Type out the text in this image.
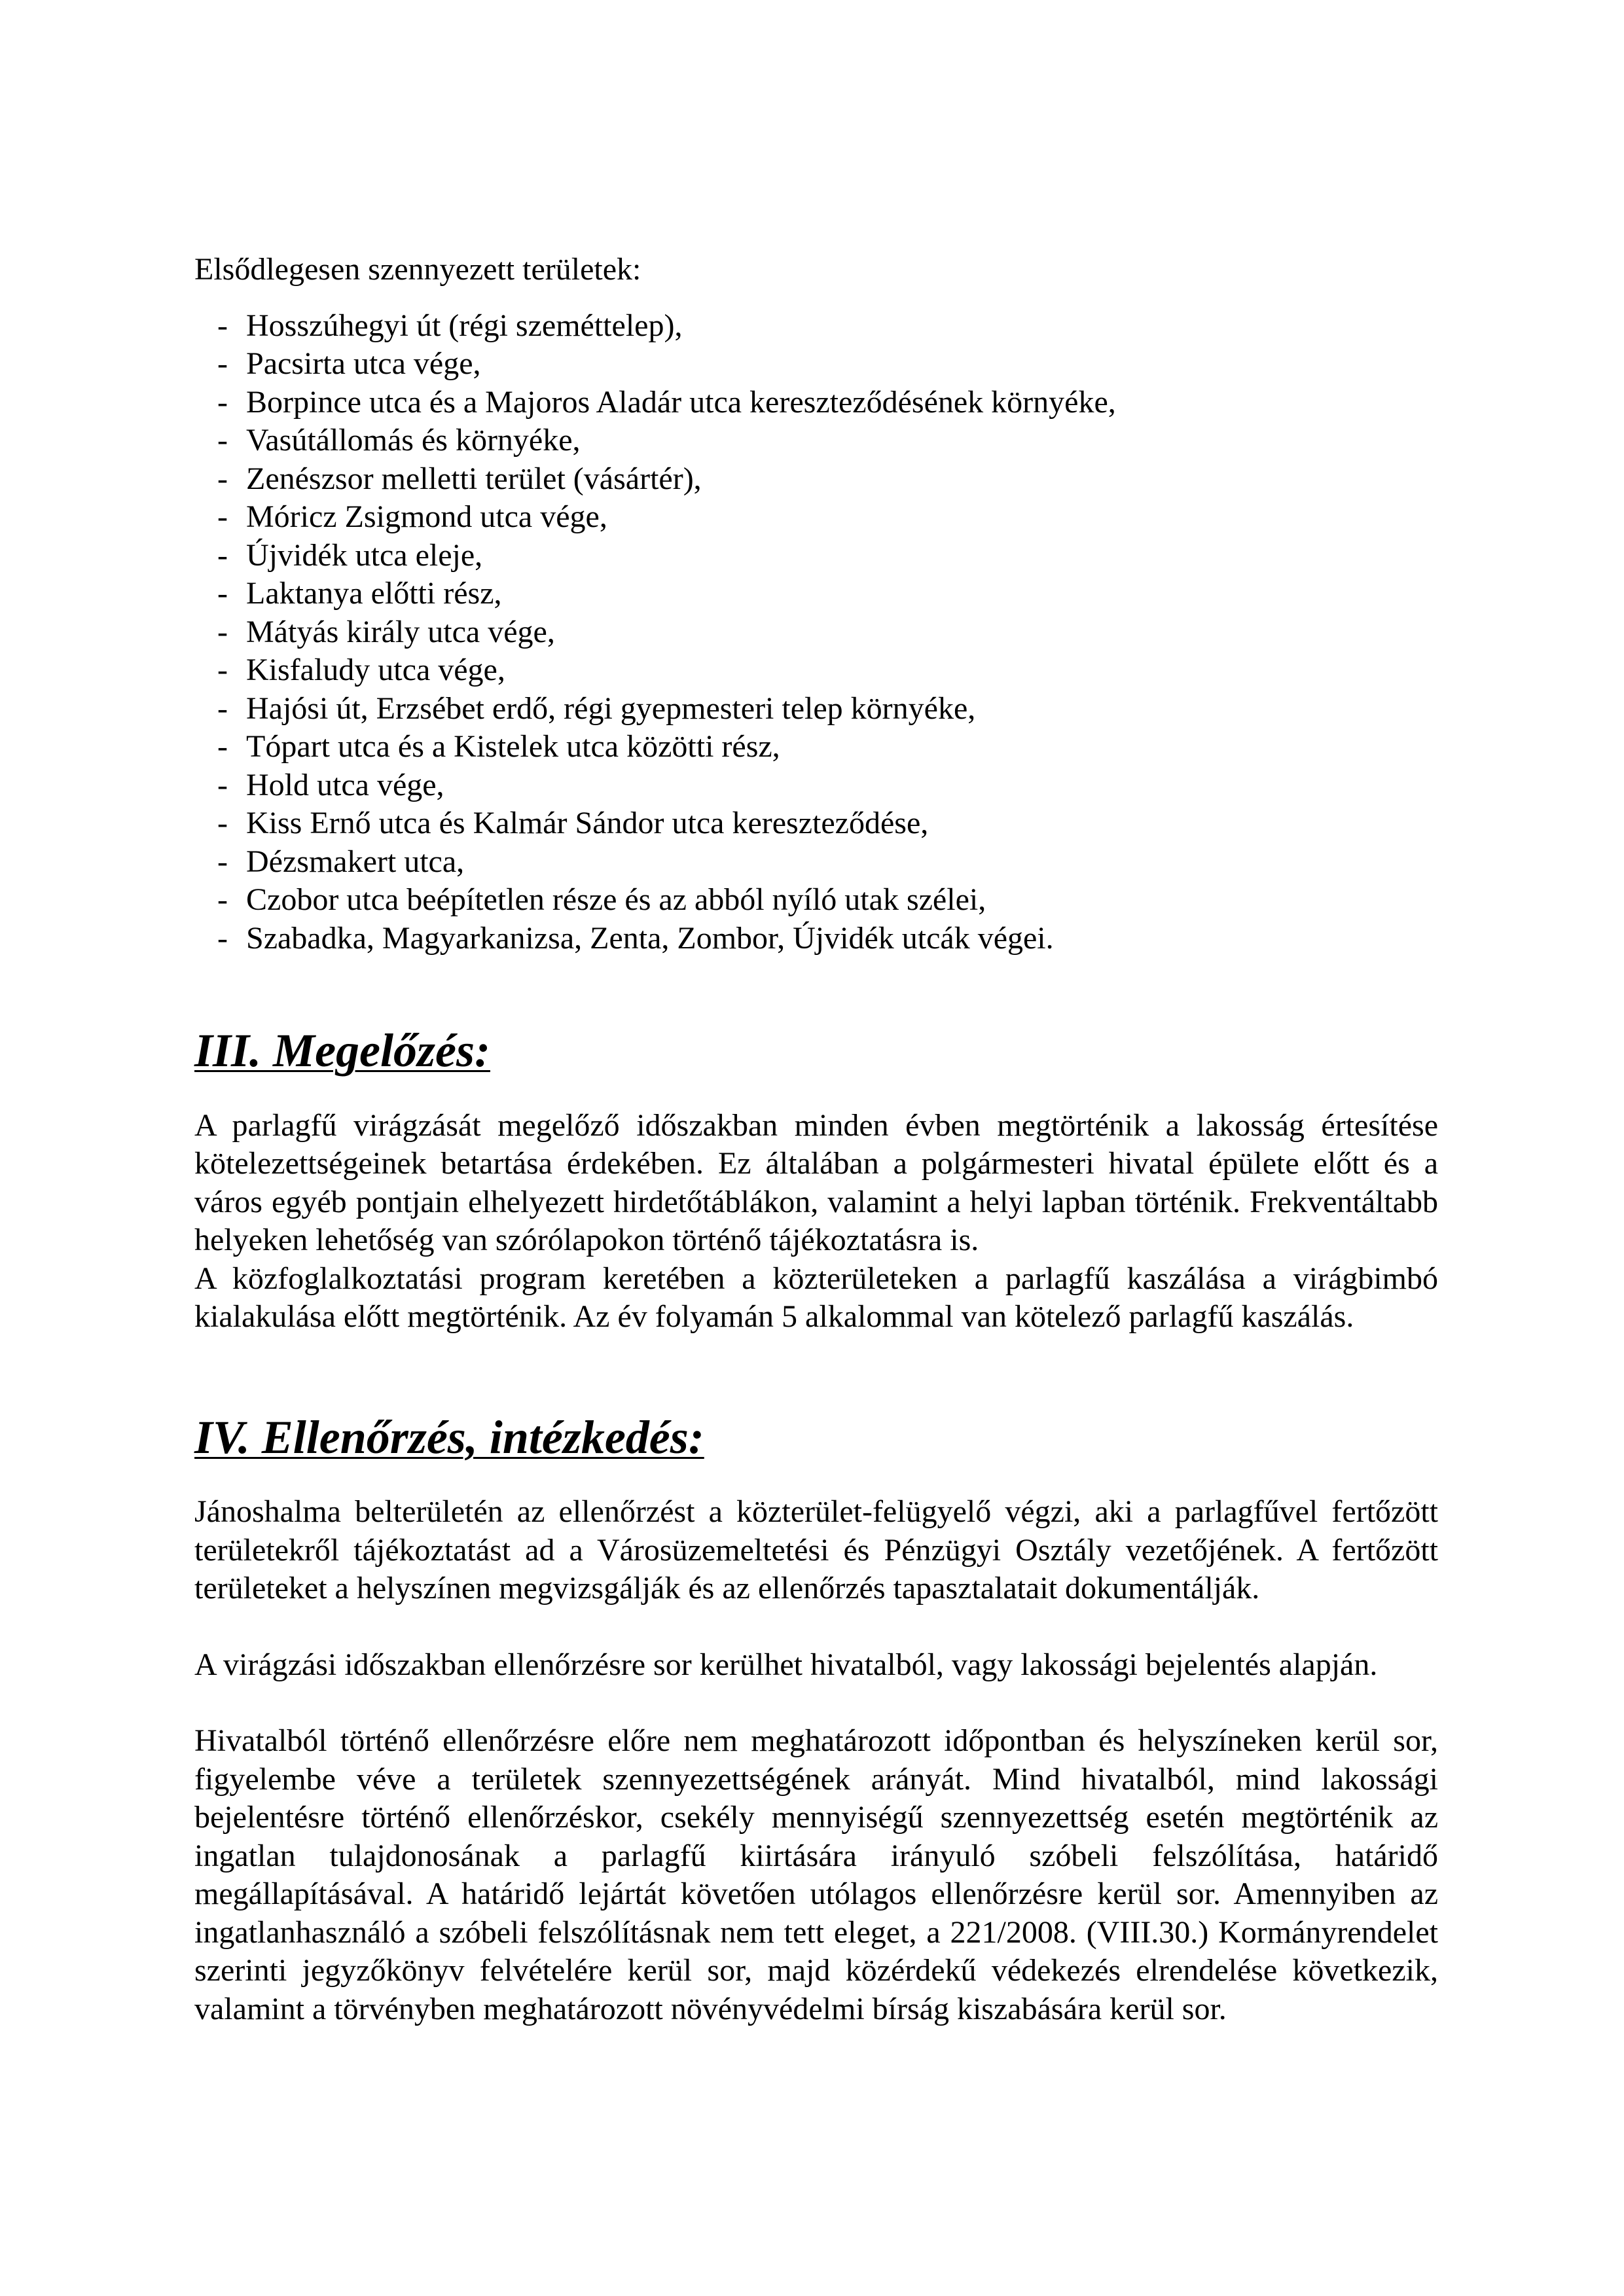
Elsődlegesen szennyezett területek:

- Hosszúhegyi út (régi szeméttelep),
- Pacsirta utca vége,
- Borpince utca és a Majoros Aladár utca kereszteződésének környéke,
- Vasútállomás és környéke,
- Zenészsor melletti terület (vásártér),
- Móricz Zsigmond utca vége,
- Újvidék utca eleje,
- Laktanya előtti rész,
- Mátyás király utca vége,
- Kisfaludy utca vége,
- Hajósi út, Erzsébet erdő, régi gyepmesteri telep környéke,
- Tópart utca és a Kistelek utca közötti rész,
- Hold utca vége,
- Kiss Ernő utca és Kalmár Sándor utca kereszteződése,
- Dézsmakert utca,
- Czobor utca beépítetlen része és az abból nyíló utak szélei,
- Szabadka, Magyarkanizsa, Zenta, Zombor, Újvidék utcák végei.
III. Megelőzés:

A parlagfű virágzását megelőző időszakban minden évben megtörténik a lakosság értesítése kötelezettségeinek betartása érdekében. Ez általában a polgármesteri hivatal épülete előtt és a város egyéb pontjain elhelyezett hirdetőtáblákon, valamint a helyi lapban történik. Frekventáltabb helyeken lehetőség van szórólapokon történő tájékoztatásra is.

A közfoglalkoztatási program keretében a közterületeken a parlagfű kaszálása a virágbimbó kialakulása előtt megtörténik. Az év folyamán 5 alkalommal van kötelező parlagfű kaszálás.

IV. Ellenőrzés, intézkedés:

Jánoshalma belterületén az ellenőrzést a közterület-felügyelő végzi, aki a parlagfűvel fertőzött területekről tájékoztatást ad a Városüzemeltetési és Pénzügyi Osztály vezetőjének. A fertőzött területeket a helyszínen megvizsgálják és az ellenőrzés tapasztalatait dokumentálják.

A virágzási időszakban ellenőrzésre sor kerülhet hivatalból, vagy lakossági bejelentés alapján.

Hivatalból történő ellenőrzésre előre nem meghatározott időpontban és helyszíneken kerül sor, figyelembe véve a területek szennyezettségének arányát. Mind hivatalból, mind lakossági bejelentésre történő ellenőrzéskor, csekély mennyiségű szennyezettség esetén megtörténik az ingatlan tulajdonosának a parlagfű kiirtására irányuló szóbeli felszólítása, határidő megállapításával. A határidő lejártát követően utólagos ellenőrzésre kerül sor. Amennyiben az ingatlanhasználó a szóbeli felszólításnak nem tett eleget, a 221/2008. (VIII.30.) Kormányrendelet szerinti jegyzőkönyv felvételére kerül sor, majd közérdekű védekezés elrendelése következik, valamint a törvényben meghatározott növényvédelmi bírság kiszabására kerül sor.
